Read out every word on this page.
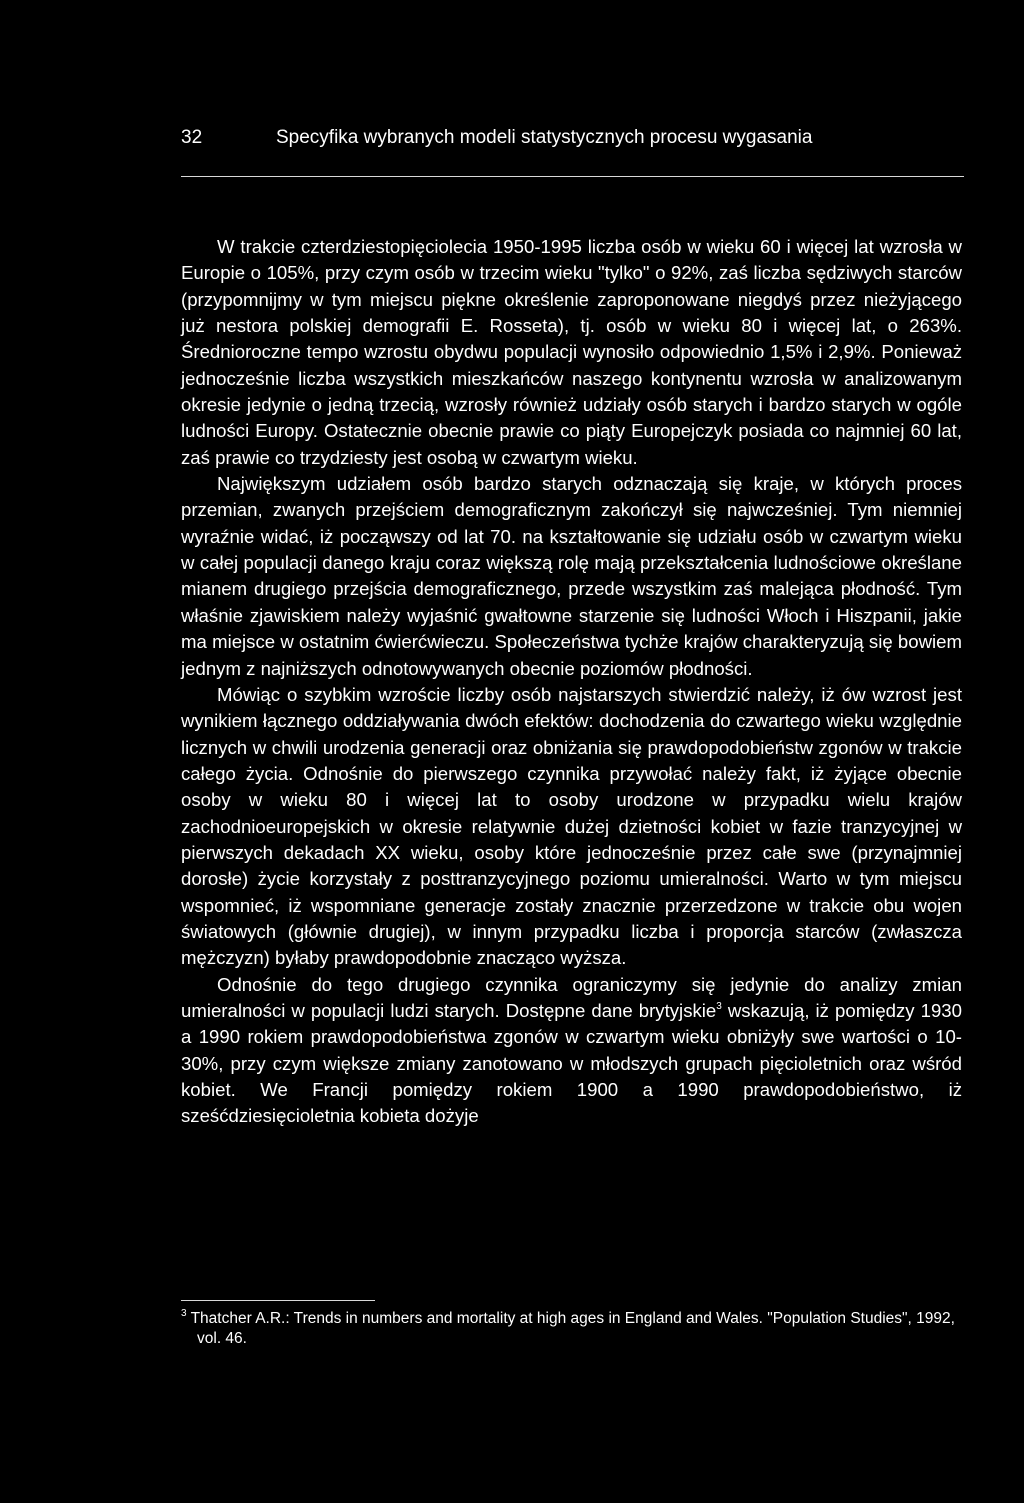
32	Specyfika wybranych modeli statystycznych procesu wygasania

W trakcie czterdziestopięciolecia 1950-1995 liczba osób w wieku 60 i więcej lat wzrosła w Europie o 105%, przy czym osób w trzecim wieku "tylko" o 92%, zaś liczba sędziwych starców (przypomnijmy w tym miejscu piękne określenie zaproponowane niegdyś przez nieżyjącego już nestora polskiej demografii E. Rosseta), tj. osób w wieku 80 i więcej lat, o 263%. Średnioroczne tempo wzrostu obydwu populacji wynosiło odpowiednio 1,5% i 2,9%. Ponieważ jednocześnie liczba wszystkich mieszkańców naszego kontynentu wzrosła w analizowanym okresie jedynie o jedną trzecią, wzrosły również udziały osób starych i bardzo starych w ogóle ludności Europy. Ostatecznie obecnie prawie co piąty Europejczyk posiada co najmniej 60 lat, zaś prawie co trzydziesty jest osobą w czwartym wieku.

Największym udziałem osób bardzo starych odznaczają się kraje, w których proces przemian, zwanych przejściem demograficznym zakończył się najwcześniej. Tym niemniej wyraźnie widać, iż począwszy od lat 70. na kształtowanie się udziału osób w czwartym wieku w całej populacji danego kraju coraz większą rolę mają przekształcenia ludnościowe określane mianem drugiego przejścia demograficznego, przede wszystkim zaś malejąca płodność. Tym właśnie zjawiskiem należy wyjaśnić gwałtowne starzenie się ludności Włoch i Hiszpanii, jakie ma miejsce w ostatnim ćwierćwieczu. Społeczeństwa tychże krajów charakteryzują się bowiem jednym z najniższych odnotowywanych obecnie poziomów płodności.

Mówiąc o szybkim wzroście liczby osób najstarszych stwierdzić należy, iż ów wzrost jest wynikiem łącznego oddziaływania dwóch efektów: dochodzenia do czwartego wieku względnie licznych w chwili urodzenia generacji oraz obniżania się prawdopodobieństw zgonów w trakcie całego życia. Odnośnie do pierwszego czynnika przywołać należy fakt, iż żyjące obecnie osoby w wieku 80 i więcej lat to osoby urodzone w przypadku wielu krajów zachodnioeuropejskich w okresie relatywnie dużej dzietności kobiet w fazie tranzycyjnej w pierwszych dekadach XX wieku, osoby które jednocześnie przez całe swe (przynajmniej dorosłe) życie korzystały z posttranzycyjnego poziomu umieralności. Warto w tym miejscu wspomnieć, iż wspomniane generacje zostały znacznie przerzedzone w trakcie obu wojen światowych (głównie drugiej), w innym przypadku liczba i proporcja starców (zwłaszcza mężczyzn) byłaby prawdopodobnie znacząco wyższa.

Odnośnie do tego drugiego czynnika ograniczymy się jedynie do analizy zmian umieralności w populacji ludzi starych. Dostępne dane brytyjskie$^3$ wskazują, iż pomiędzy 1930 a 1990 rokiem prawdopodobieństwa zgonów w czwartym wieku obniżyły swe wartości o 10-30%, przy czym większe zmiany zanotowano w młodszych grupach pięcioletnich oraz wśród kobiet. We Francji pomiędzy rokiem 1900 a 1990 prawdopodobieństwo, iż sześćdziesięcioletnia kobieta dożyje

$^3$ Thatcher A.R.: Trends in numbers and mortality at high ages in England and Wales. "Population Studies", 1992, vol. 46.
